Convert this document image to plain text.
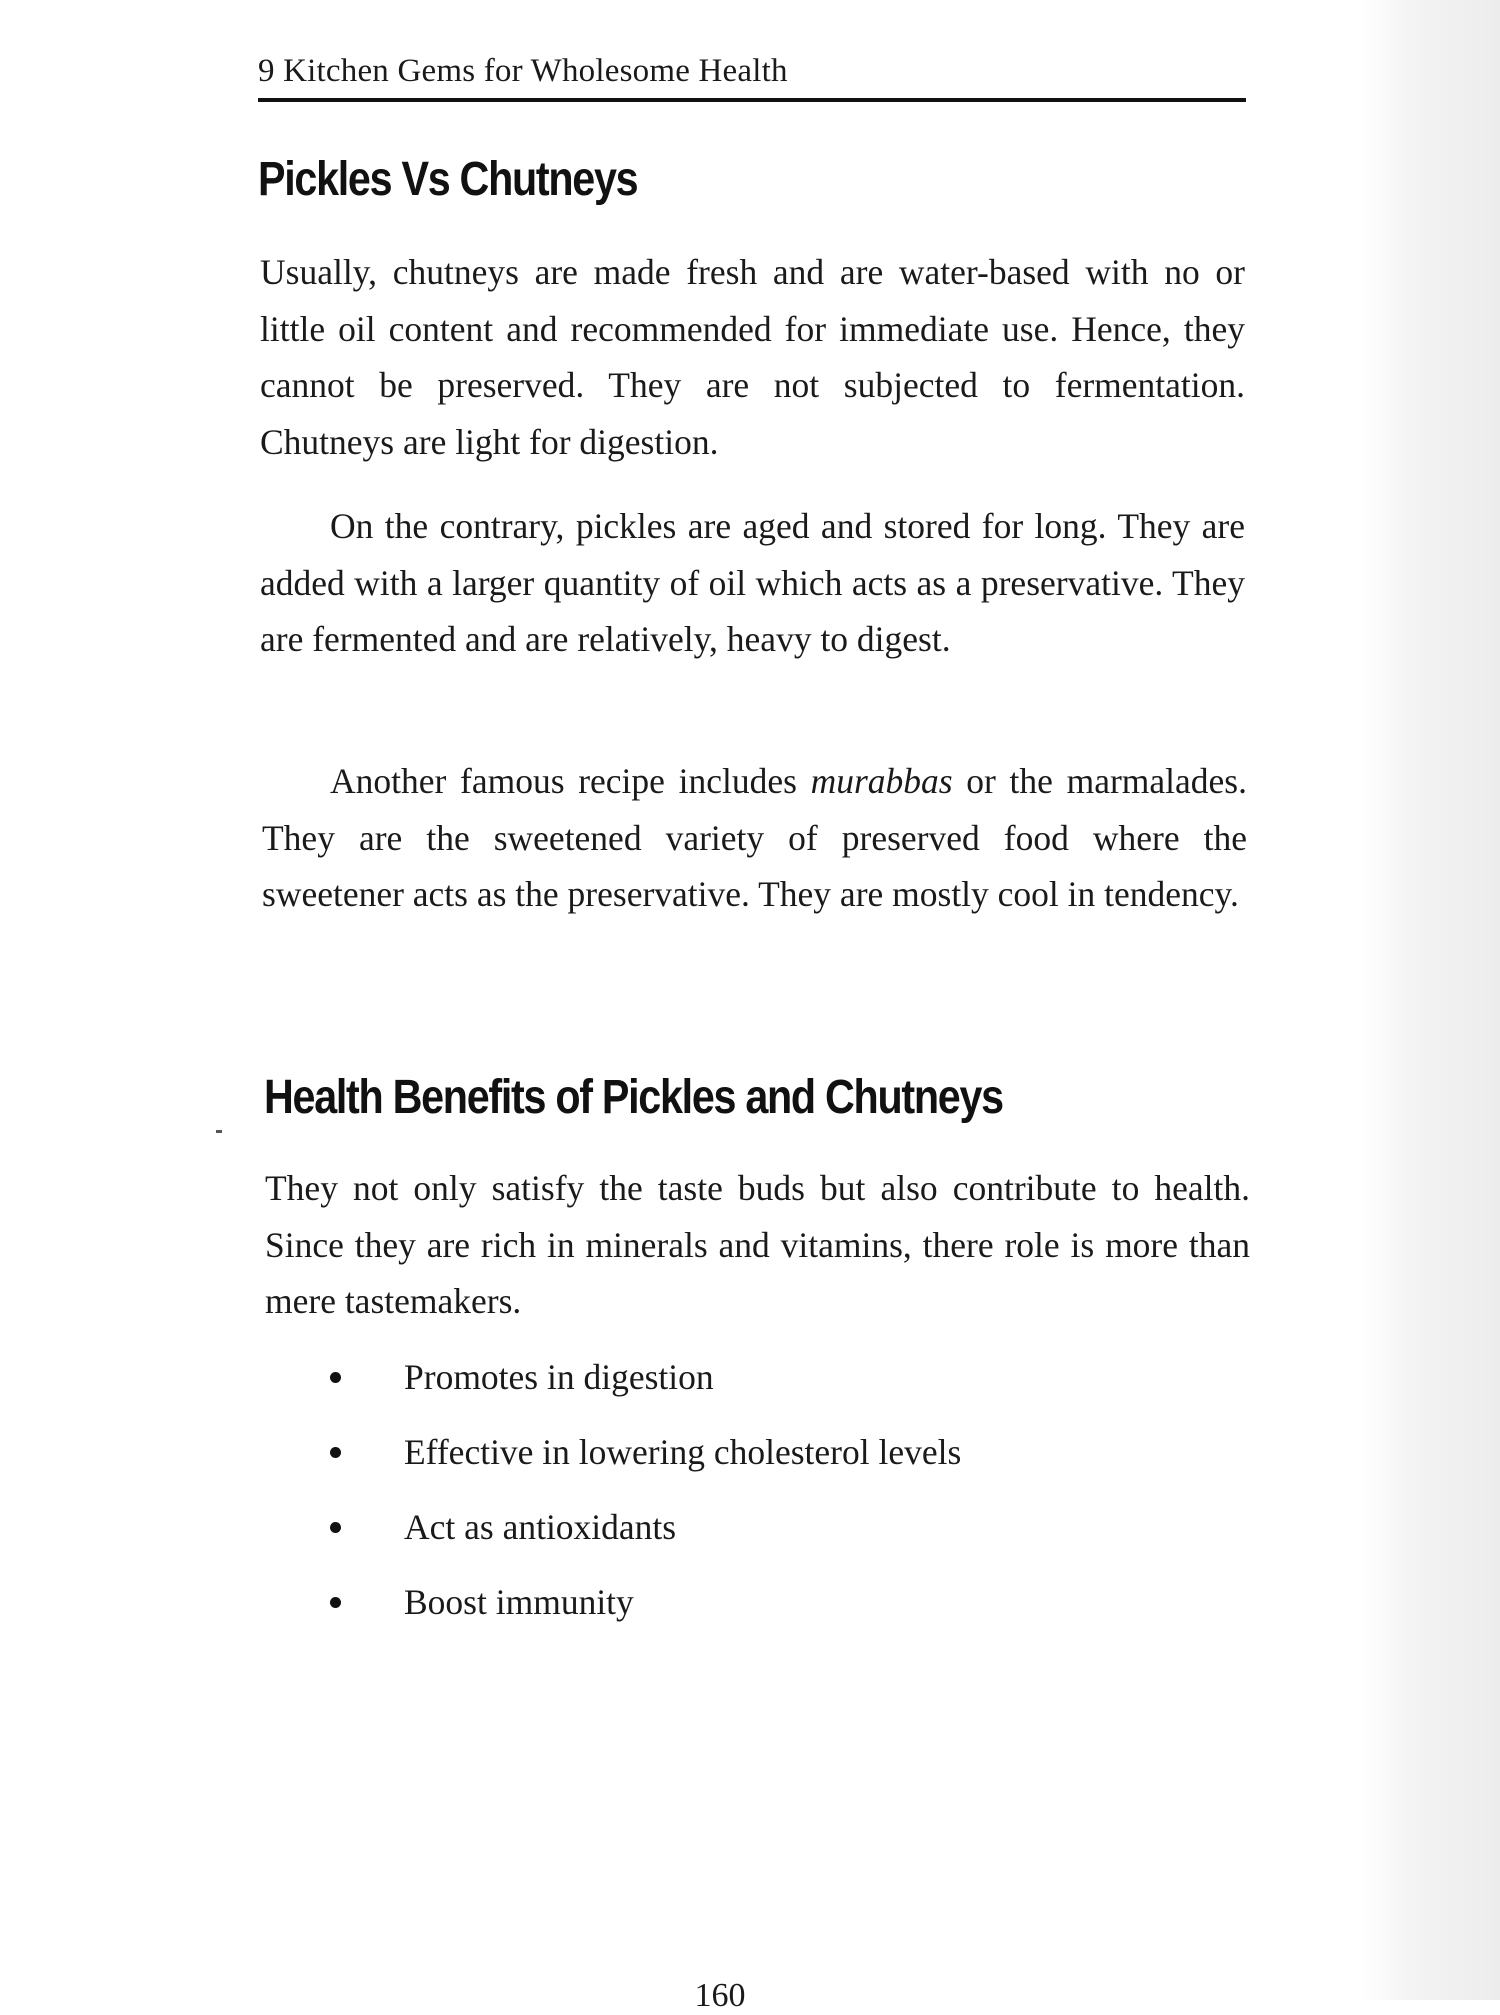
9 Kitchen Gems for Wholesome Health
Pickles Vs Chutneys

Usually, chutneys are made fresh and are water-based with no or little oil content and recommended for immediate use. Hence, they cannot be preserved. They are not subjected to fermentation. Chutneys are light for digestion.

On the contrary, pickles are aged and stored for long. They are added with a larger quantity of oil which acts as a preservative. They are fermented and are relatively, heavy to digest.

Another famous recipe includes murabbas or the marmalades. They are the sweetened variety of preserved food where the sweetener acts as the preservative. They are mostly cool in tendency.

Health Benefits of Pickles and Chutneys

They not only satisfy the taste buds but also contribute to health. Since they are rich in minerals and vitamins, there role is more than mere tastemakers.

Promotes in digestion
Effective in lowering cholesterol levels
Act as antioxidants
Boost immunity
160
